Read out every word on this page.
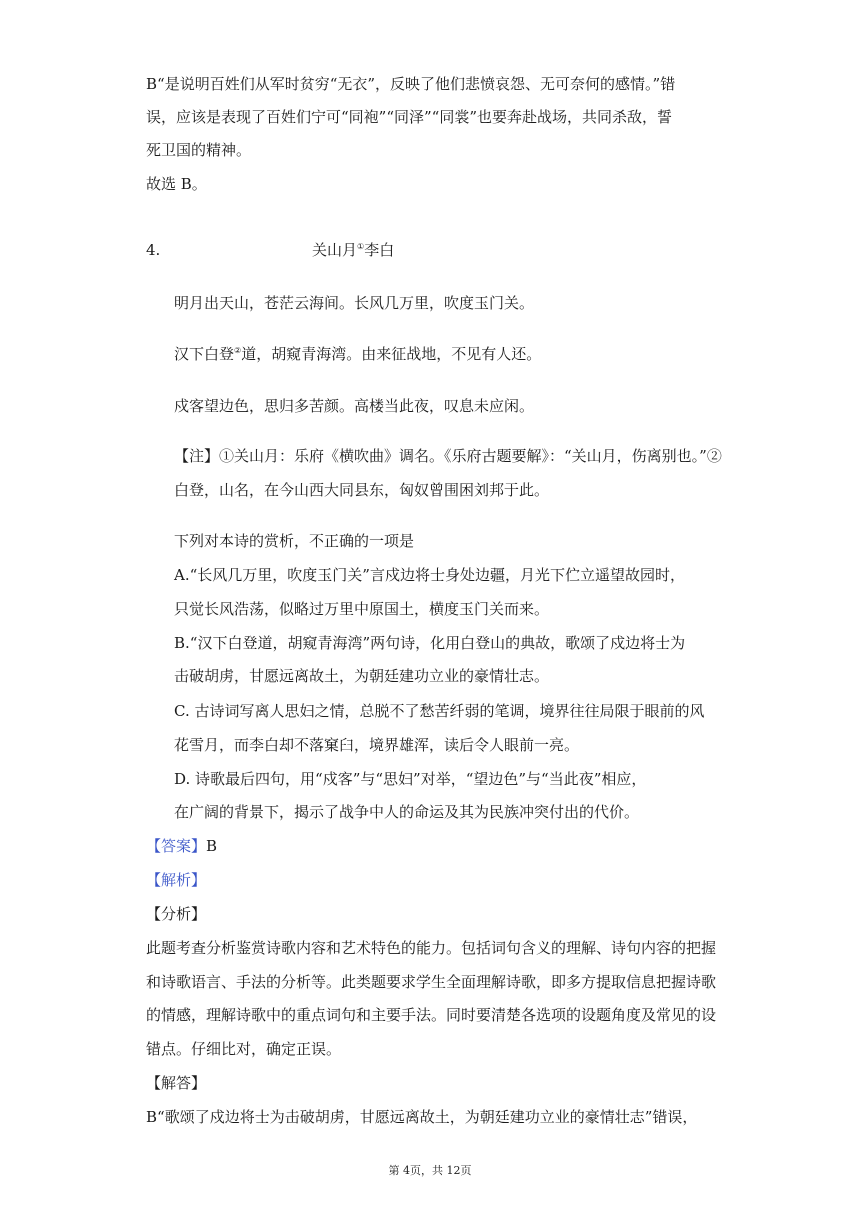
B“是说明百姓们从军时贫穷“无衣”，反映了他们悲愤哀怨、无可奈何的感情。”错
误，应该是表现了百姓们宁可“同袍”“同泽”“同裳”也要奔赴战场，共同杀敌，誓
死卫国的精神。
故选 B。
4.	关山月①李白
明月出天山，苍茫云海间。长风几万里，吹度玉门关。
汉下白登②道，胡窥青海湾。由来征战地，不见有人还。
戍客望边色，思归多苦颜。高楼当此夜，叹息未应闲。
【注】①关山月：乐府《横吹曲》调名。《乐府古题要解》：“关山月，伤离别也。”②
白登，山名，在今山西大同县东，匈奴曾围困刘邦于此。
下列对本诗的赏析，不正确的一项是
A.“长风几万里，吹度玉门关”言戍边将士身处边疆，月光下伫立遥望故园时，
只觉长风浩荡，似略过万里中原国土，横度玉门关而来。
B.“汉下白登道，胡窥青海湾”两句诗，化用白登山的典故，歌颂了戍边将士为
击破胡虏，甘愿远离故土，为朝廷建功立业的豪情壮志。
C. 古诗词写离人思妇之情，总脱不了愁苦纤弱的笔调，境界往往局限于眼前的风
花雪月，而李白却不落窠臼，境界雄浑，读后令人眼前一亮。
D. 诗歌最后四句，用“戍客”与“思妇”对举，“望边色”与“当此夜”相应，
在广阔的背景下，揭示了战争中人的命运及其为民族冲突付出的代价。
【答案】B
【解析】
【分析】
此题考查分析鉴赏诗歌内容和艺术特色的能力。包括词句含义的理解、诗句内容的把握
和诗歌语言、手法的分析等。此类题要求学生全面理解诗歌，即多方提取信息把握诗歌
的情感，理解诗歌中的重点词句和主要手法。同时要清楚各选项的设题角度及常见的设
错点。仔细比对，确定正误。
【解答】
B“歌颂了戍边将士为击破胡虏，甘愿远离故土，为朝廷建功立业的豪情壮志”错误，
第 4页，共 12页
